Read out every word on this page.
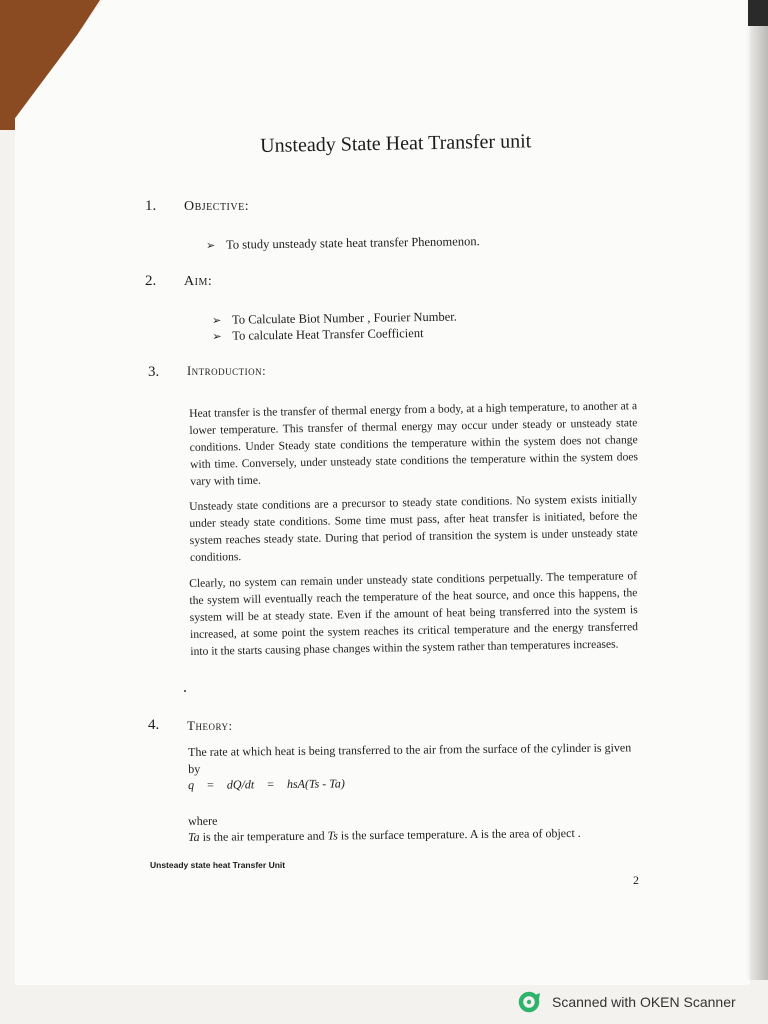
Unsteady State Heat Transfer unit
1. Objective:
➢ To study unsteady state heat transfer Phenomenon.
2. Aim:
➢ To Calculate Biot Number , Fourier Number.
➢ To calculate Heat Transfer Coefficient
3. Introduction:
Heat transfer is the transfer of thermal energy from a body, at a high temperature, to another at a lower temperature. This transfer of thermal energy may occur under steady or unsteady state conditions. Under Steady state conditions the temperature within the system does not change with time. Conversely, under unsteady state conditions the temperature within the system does vary with time.
Unsteady state conditions are a precursor to steady state conditions. No system exists initially under steady state conditions. Some time must pass, after heat transfer is initiated, before the system reaches steady state. During that period of transition the system is under unsteady state conditions.
Clearly, no system can remain under unsteady state conditions perpetually. The temperature of the system will eventually reach the temperature of the heat source, and once this happens, the system will be at steady state. Even if the amount of heat being transferred into the system is increased, at some point the system reaches its critical temperature and the energy transferred into it the starts causing phase changes within the system rather than temperatures increases.
4. Theory:
The rate at which heat is being transferred to the air from the surface of the cylinder is given by
q = dQ/dt = hsA(Ts - Ta)
where
Ta is the air temperature and Ts is the surface temperature. A is the area of object .
Unsteady state heat Transfer Unit
2
Scanned with OKEN Scanner
